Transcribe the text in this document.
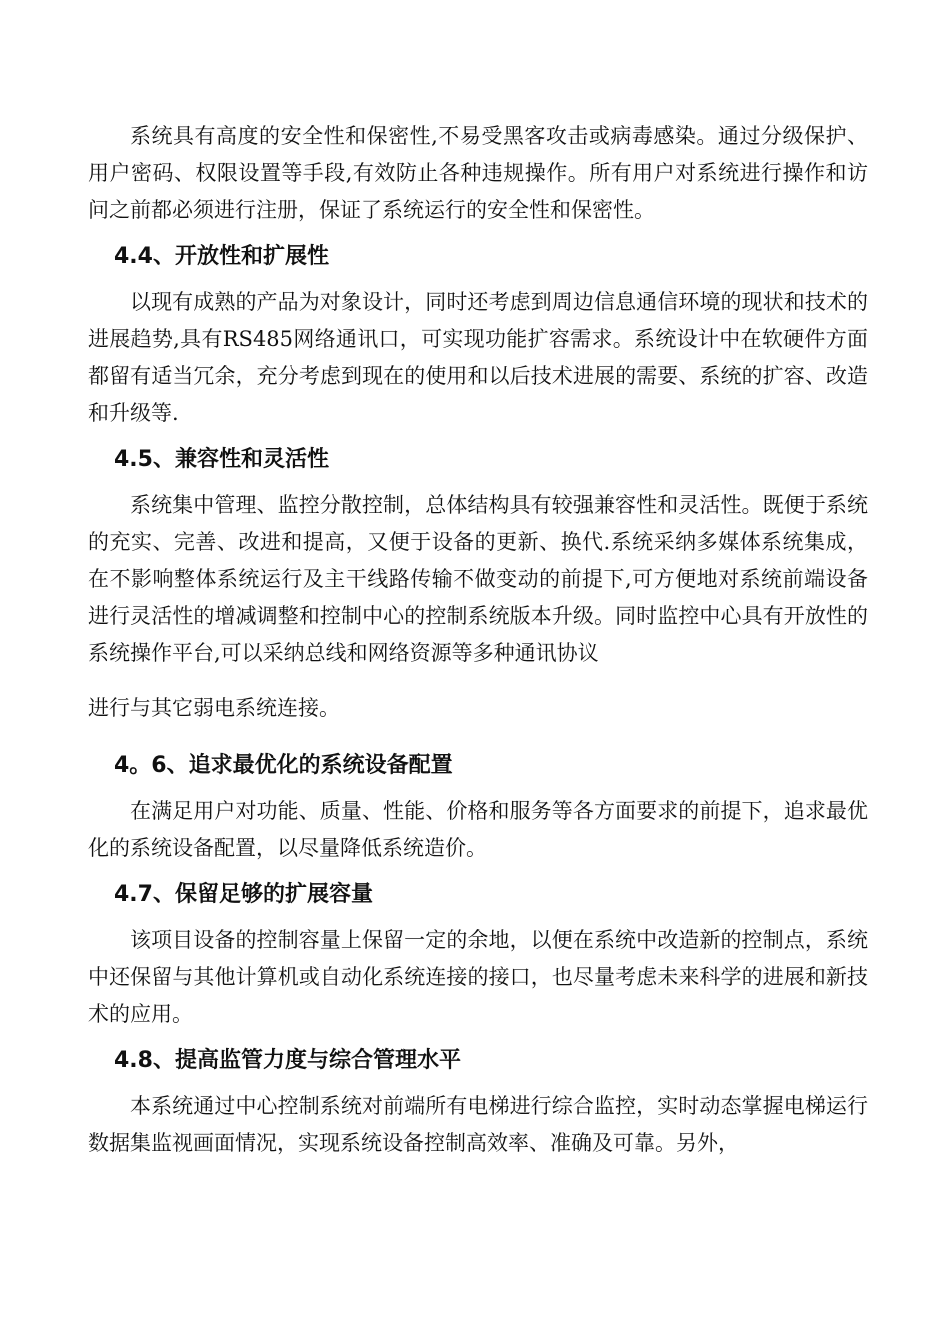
系统具有高度的安全性和保密性,不易受黑客攻击或病毒感染。通过分级保护、用户密码、权限设置等手段,有效防止各种违规操作。所有用户对系统进行操作和访问之前都必须进行注册，保证了系统运行的安全性和保密性。

4.4、开放性和扩展性

以现有成熟的产品为对象设计，同时还考虑到周边信息通信环境的现状和技术的进展趋势,具有RS485网络通讯口，可实现功能扩容需求。系统设计中在软硬件方面都留有适当冗余，充分考虑到现在的使用和以后技术进展的需要、系统的扩容、改造和升级等.

4.5、兼容性和灵活性

系统集中管理、监控分散控制，总体结构具有较强兼容性和灵活性。既便于系统的充实、完善、改进和提高，又便于设备的更新、换代.系统采纳多媒体系统集成，在不影响整体系统运行及主干线路传输不做变动的前提下,可方便地对系统前端设备进行灵活性的增减调整和控制中心的控制系统版本升级。同时监控中心具有开放性的系统操作平台,可以采纳总线和网络资源等多种通讯协议

进行与其它弱电系统连接。

4。6、追求最优化的系统设备配置

在满足用户对功能、质量、性能、价格和服务等各方面要求的前提下，追求最优化的系统设备配置，以尽量降低系统造价。

4.7、保留足够的扩展容量

该项目设备的控制容量上保留一定的余地，以便在系统中改造新的控制点，系统中还保留与其他计算机或自动化系统连接的接口，也尽量考虑未来科学的进展和新技术的应用。

4.8、提高监管力度与综合管理水平

本系统通过中心控制系统对前端所有电梯进行综合监控，实时动态掌握电梯运行数据集监视画面情况，实现系统设备控制高效率、准确及可靠。另外，
